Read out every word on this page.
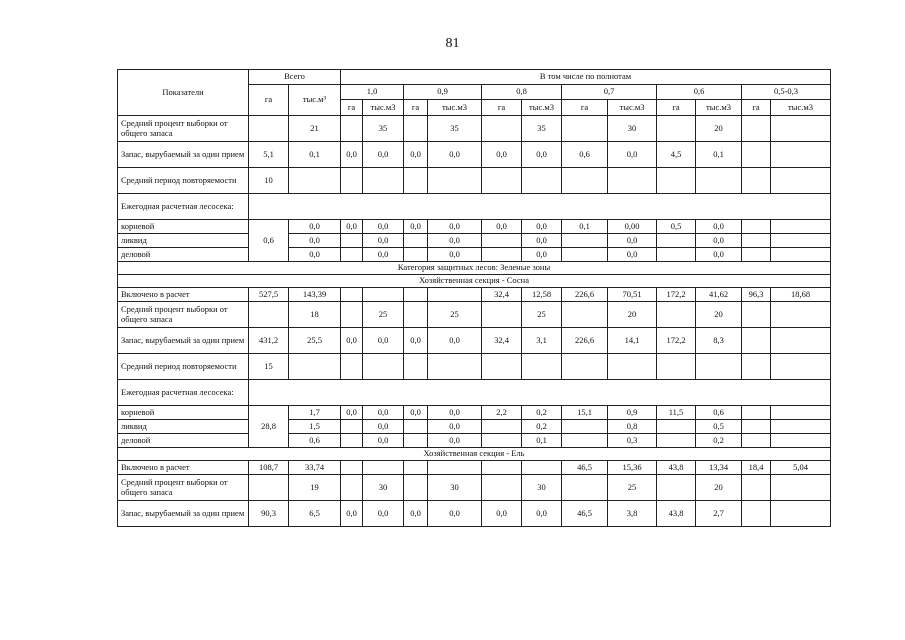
81
Показатели	Всего		В том числе по полнотам											
	га	тыс.м³	1,0		0,9		0,8		0,7		0,6		0,5-0,3	
			га	тыс.м3	га	тыс.м3	га	тыс.м3	га	тыс.м3	га	тыс.м3	га	тыс.м3
Средний процент выборки от общего запаса		21		35		35		35		30		20		
Запас, вырубаемый за один прием	5,1	0,1	0,0	0,0	0,0	0,0	0,0	0,0	0,6	0,0	4,5	0,1		
Средний период повторяемости	10													
Ежегодная расчетная лесосека:														
корневой	0,6	0,0	0,0	0,0	0,0	0,0	0,0	0,0	0,1	0,00	0,5	0,0		
ликвид		0,0		0,0		0,0		0,0		0,0		0,0		
деловой		0,0		0,0		0,0		0,0		0,0		0,0		
Категория защитных лесов: Зеленые зоны														
Хозяйственная секция - Сосна														
Включено в расчет	527,5	143,39					32,4	12,58	226,6	70,51	172,2	41,62	96,3	18,68
Средний процент выборки от общего запаса		18		25		25		25		20		20		
Запас, вырубаемый за один прием	431,2	25,5	0,0	0,0	0,0	0,0	32,4	3,1	226,6	14,1	172,2	8,3		
Средний период повторяемости	15													
Ежегодная расчетная лесосека:														
корневой	28,8	1,7	0,0	0,0	0,0	0,0	2,2	0,2	15,1	0,9	11,5	0,6		
ликвид		1,5		0,0		0,0		0,2		0,8		0,5		
деловой		0,6		0,0		0,0		0,1		0,3		0,2		
Хозяйственная секция - Ель														
Включено в расчет	108,7	33,74							46,5	15,36	43,8	13,34	18,4	5,04
Средний процент выборки от общего запаса		19		30		30		30		25		20		
Запас, вырубаемый за один прием	90,3	6,5	0,0	0,0	0,0	0,0	0,0	0,0	46,5	3,8	43,8	2,7		
